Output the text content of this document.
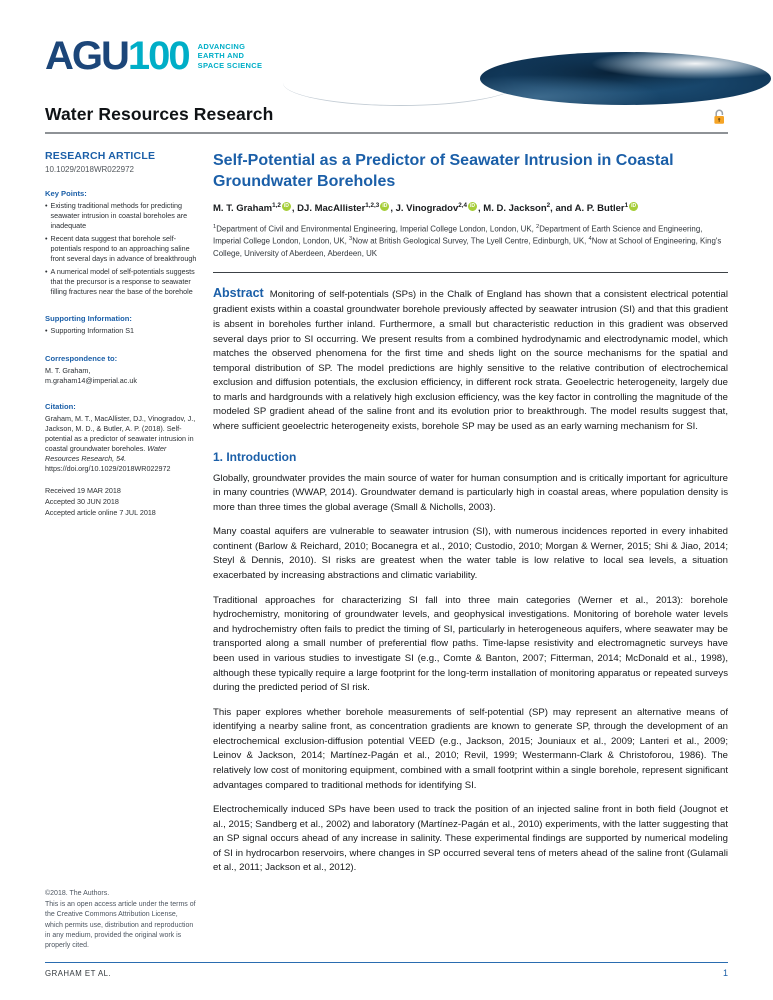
AGU 100 ADVANCING
EARTH AND
SPACE SCIENCE
Water Resources Research
RESEARCH ARTICLE
10.1029/2018WR022972
Key Points:
• Existing traditional methods for predicting seawater intrusion in coastal boreholes are inadequate
• Recent data suggest that borehole self-potentials respond to an approaching saline front several days in advance of breakthrough
• A numerical model of self-potentials suggests that the precursor is a response to seawater filling fractures near the base of the borehole
Supporting Information:
• Supporting Information S1
Correspondence to:
M. T. Graham,
m.graham14@imperial.ac.uk
Citation:
Graham, M. T., MacAllister, DJ., Vinogradov, J., Jackson, M. D., & Butler, A. P. (2018). Self-potential as a predictor of seawater intrusion in coastal groundwater boreholes. Water Resources Research, 54. https://doi.org/10.1029/2018WR022972
Received 19 MAR 2018
Accepted 30 JUN 2018
Accepted article online 7 JUL 2018
©2018. The Authors.
This is an open access article under the terms of the Creative Commons Attribution License, which permits use, distribution and reproduction in any medium, provided the original work is properly cited.
Self-Potential as a Predictor of Seawater Intrusion in Coastal Groundwater Boreholes

M. T. Graham$^{1,2}$ iD , DJ. MacAllister$^{1,2,3}$ iD , J. Vinogradov$^{2,4}$ iD , M. D. Jackson$^2$, and A. P. Butler$^1$ iD

$^1$Department of Civil and Environmental Engineering, Imperial College London, London, UK, $^2$Department of Earth Science and Engineering, Imperial College London, London, UK, $^3$Now at British Geological Survey, The Lyell Centre, Edinburgh, UK, $^4$Now at School of Engineering, King's College, University of Aberdeen, Aberdeen, UK

Abstract Monitoring of self-potentials (SPs) in the Chalk of England has shown that a consistent electrical potential gradient exists within a coastal groundwater borehole previously affected by seawater intrusion (SI) and that this gradient is absent in boreholes further inland. Furthermore, a small but characteristic reduction in this gradient was observed several days prior to SI occurring. We present results from a combined hydrodynamic and electrodynamic model, which matches the observed phenomena for the first time and sheds light on the source mechanisms for the spatial and temporal distribution of SP. The model predictions are highly sensitive to the relative contribution of electrochemical exclusion and diffusion potentials, the exclusion efficiency, in different rock strata. Geoelectric heterogeneity, largely due to marls and hardgrounds with a relatively high exclusion efficiency, was the key factor in controlling the magnitude of the modeled SP gradient ahead of the saline front and its evolution prior to breakthrough. The model results suggest that, where sufficient geoelectric heterogeneity exists, borehole SP may be used as an early warning mechanism for SI.

1. Introduction

Globally, groundwater provides the main source of water for human consumption and is critically important for agriculture in many countries (WWAP, 2014). Groundwater demand is particularly high in coastal areas, where population density is more than three times the global average (Small & Nicholls, 2003).

Many coastal aquifers are vulnerable to seawater intrusion (SI), with numerous incidences reported in every inhabited continent (Barlow & Reichard, 2010; Bocanegra et al., 2010; Custodio, 2010; Morgan & Werner, 2015; Shi & Jiao, 2014; Steyl & Dennis, 2010). SI risks are greatest when the water table is low relative to local sea levels, a situation exacerbated by increasing abstractions and climatic variability.

Traditional approaches for characterizing SI fall into three main categories (Werner et al., 2013): borehole hydrochemistry, monitoring of groundwater levels, and geophysical investigations. Monitoring of borehole water levels and hydrochemistry often fails to predict the timing of SI, particularly in heterogeneous aquifers, where seawater may be transported along a small number of preferential flow paths. Time-lapse resistivity and electromagnetic surveys have been used in various studies to investigate SI (e.g., Comte & Banton, 2007; Fitterman, 2014; McDonald et al., 1998), although these typically require a large footprint for the long-term installation of monitoring apparatus or repeated surveys during the predicted period of SI risk.

This paper explores whether borehole measurements of self-potential (SP) may represent an alternative means of identifying a nearby saline front, as concentration gradients are known to generate SP, through the development of an electrochemical exclusion-diffusion potential VEED (e.g., Jackson, 2015; Jouniaux et al., 2009; Lanteri et al., 2009; Leinov & Jackson, 2014; Martínez-Pagán et al., 2010; Revil, 1999; Westermann-Clark & Christoforou, 1986). The relatively low cost of monitoring equipment, combined with a small footprint within a single borehole, represent significant advantages compared to traditional methods for identifying SI.

Electrochemically induced SPs have been used to track the position of an injected saline front in both field (Jougnot et al., 2015; Sandberg et al., 2002) and laboratory (Martínez-Pagán et al., 2010) experiments, with the latter suggesting that an SP signal occurs ahead of any increase in salinity. These experimental findings are supported by numerical modeling of SI in hydrocarbon reservoirs, where changes in SP occurred several tens of meters ahead of the saline front (Gulamali et al., 2011; Jackson et al., 2012).

GRAHAM ET AL.	1
